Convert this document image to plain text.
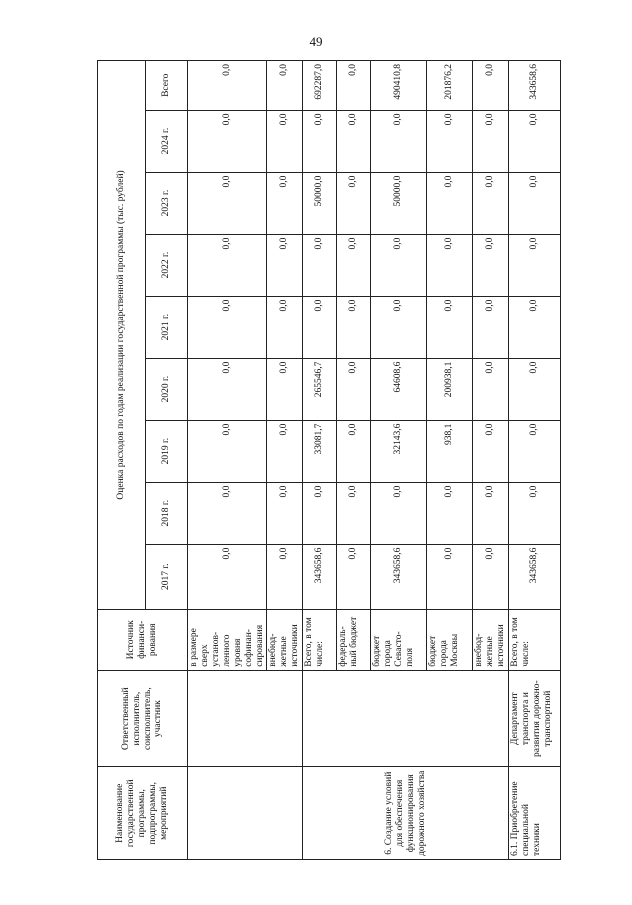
49
Наименование государственной программы, подпрограммы, мероприятий	Ответственный исполнитель, соисполнитель, участник	Источник финанси-рования	Оценка расходов по годам реализации государственной программы (тыс. рублей)								
			2017 г.	2018 г.	2019 г.	2020 г.	2021 г.	2022 г.	2023 г.	2024 г.	Всего
		в размере сверх установ-ленного уровня софинан-сирования	0,0	0,0	0,0	0,0	0,0	0,0	0,0	0,0	0,0
		внебюд-жетные источники	0,0	0,0	0,0	0,0	0,0	0,0	0,0	0,0	0,0
6. Создание условий для обеспечения функционирования дорожного хозяйства		Всего, в том числе:	343658,6	0,0	33081,7	265546,7	0,0	0,0	50000,0	0,0	692287,0
		федераль-ный бюджет	0,0	0,0	0,0	0,0	0,0	0,0	0,0	0,0	0,0
		бюджет города Севасто-поля	343658,6	0,0	32143,6	64608,6	0,0	0,0	50000,0	0,0	490410,8
		бюджет города Москвы	0,0	0,0	938,1	200938,1	0,0	0,0	0,0	0,0	201876,2
		внебюд-жетные источники	0,0	0,0	0,0	0,0	0,0	0,0	0,0	0,0	0,0
6.1. Приобретение специальной техники	Департамент транспорта и развития дорожно-транспортной	Всего, в том числе:	343658,6	0,0	0,0	0,0	0,0	0,0	0,0	0,0	343658,6
